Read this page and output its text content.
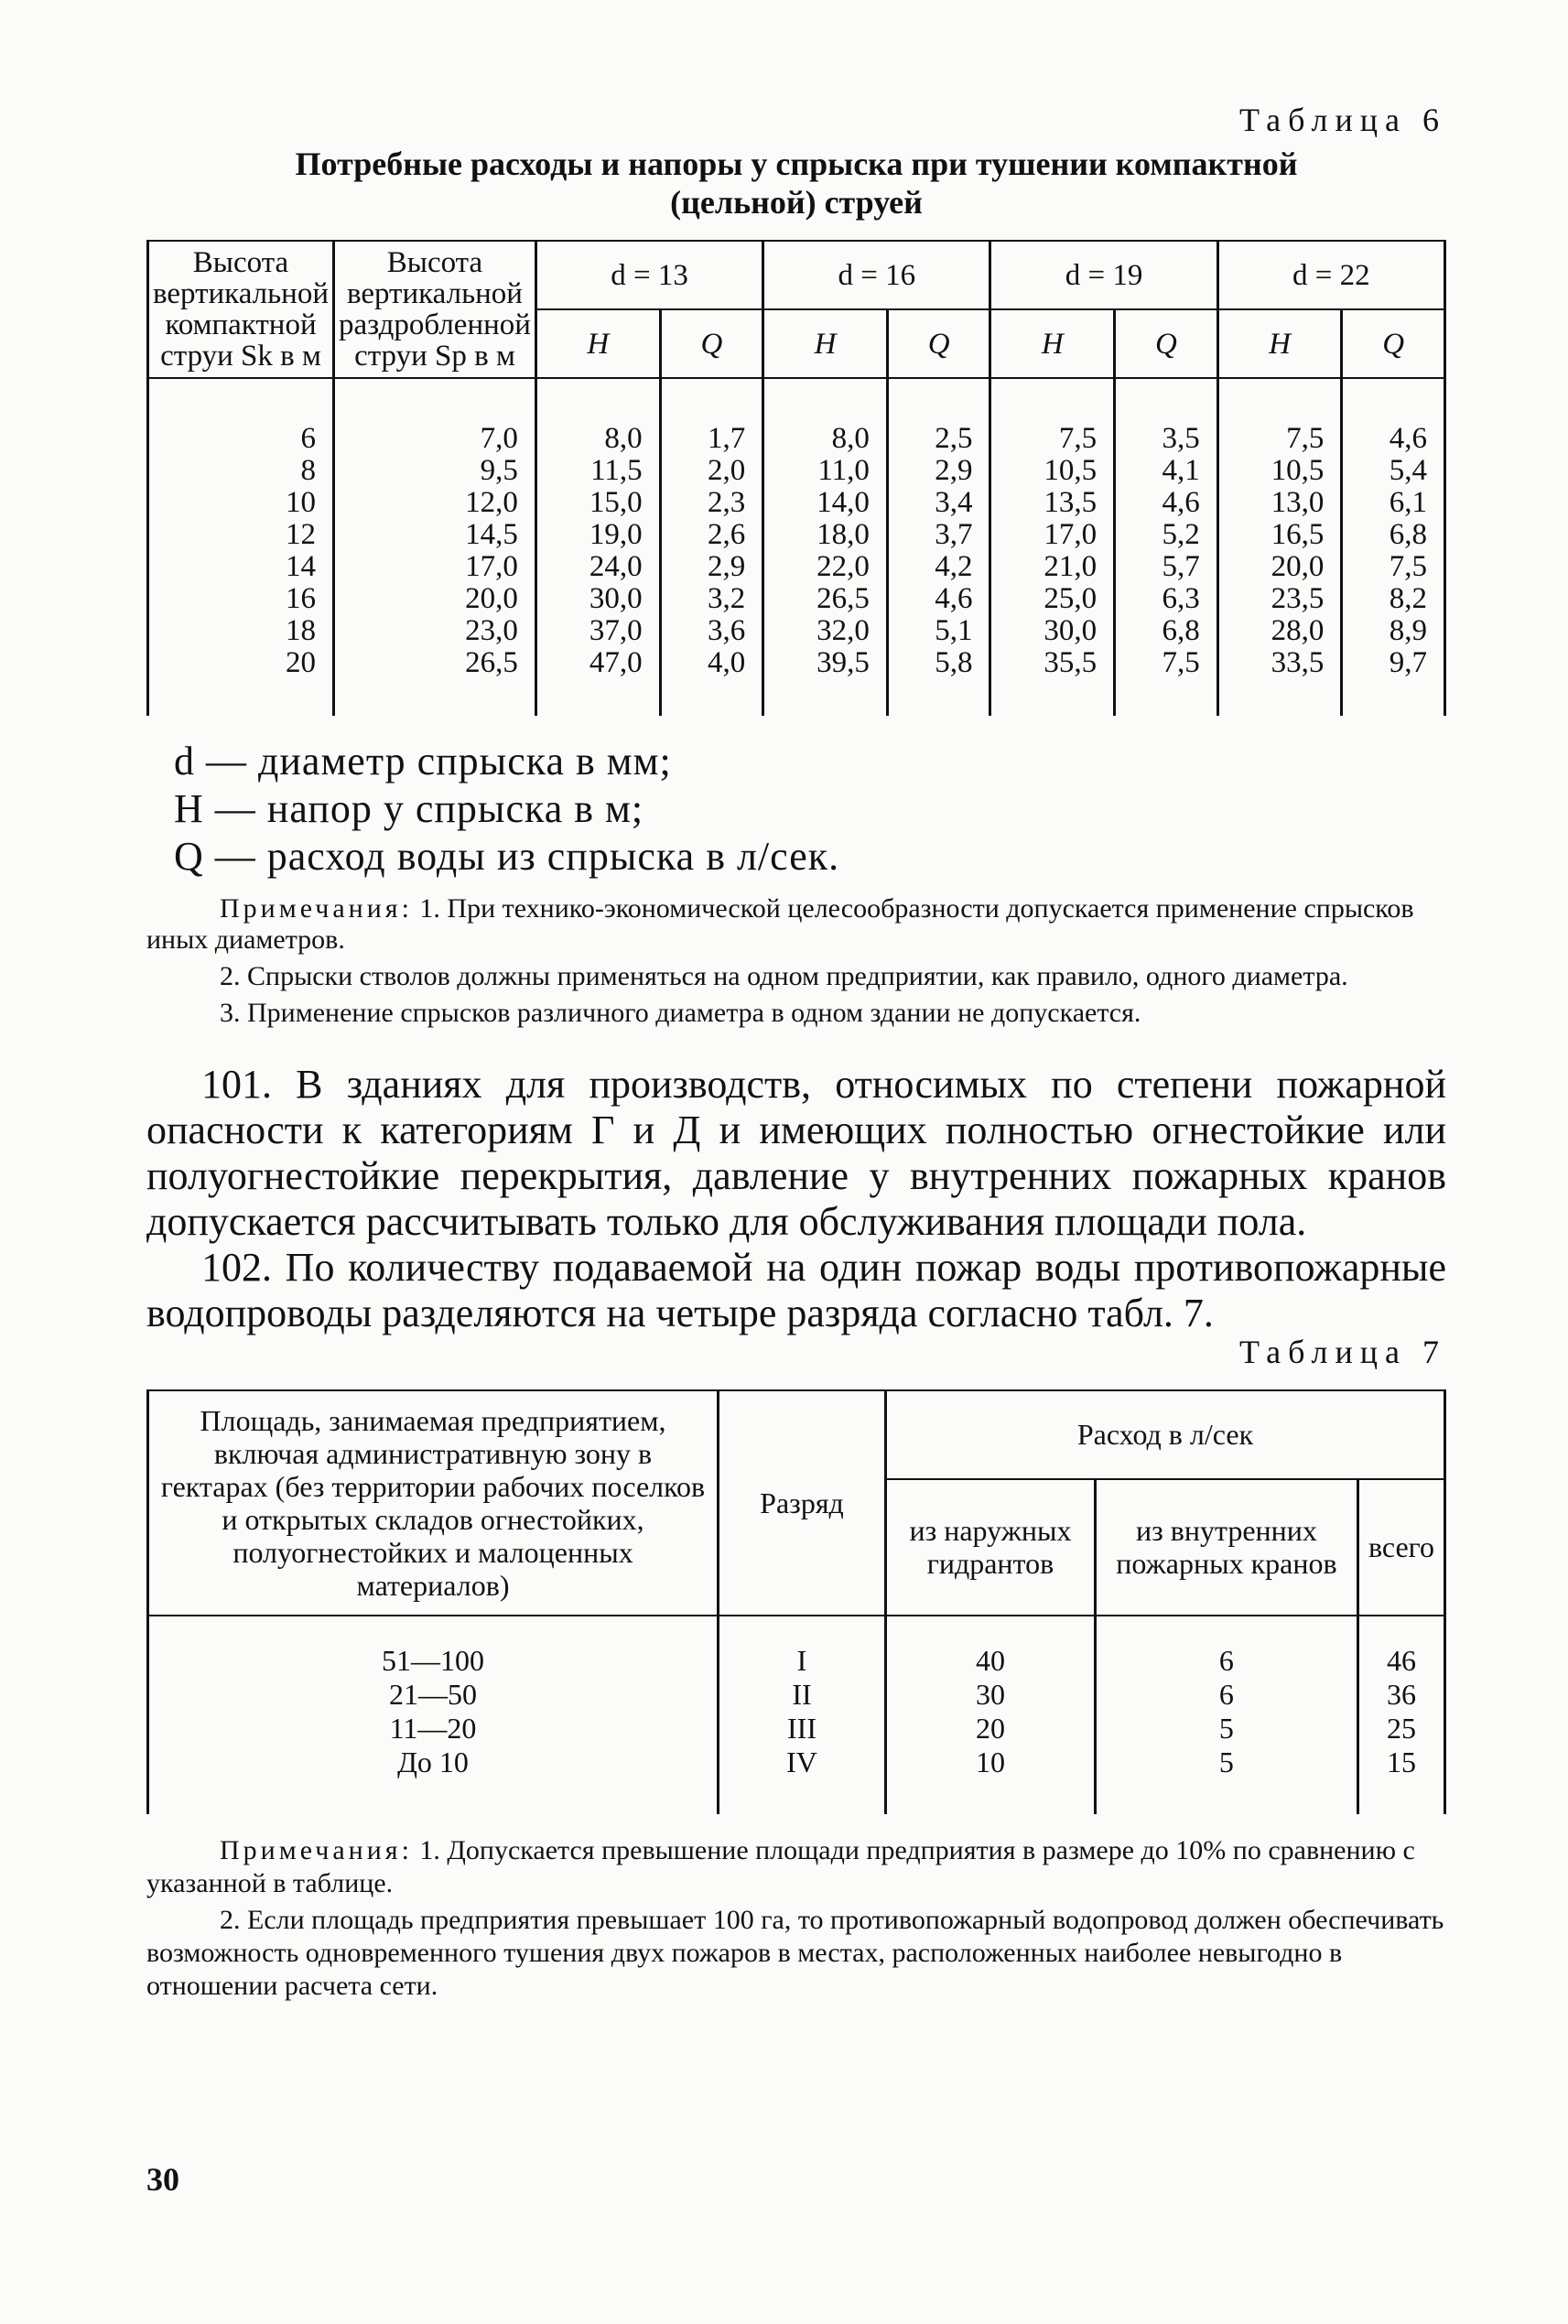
Таблица 6
Потребные расходы и напоры у спрыска при тушении компактной
(цельной) струей
Высота вертикальной компактной струи Sk в м	Высота вертикальной раздробленной струи Sp в м	d = 13		d = 16		d = 19		d = 22	
		H	Q	H	Q	H	Q	H	Q
6	7,0	8,0	1,7	8,0	2,5	7,5	3,5	7,5	4,6
8	9,5	11,5	2,0	11,0	2,9	10,5	4,1	10,5	5,4
10	12,0	15,0	2,3	14,0	3,4	13,5	4,6	13,0	6,1
12	14,5	19,0	2,6	18,0	3,7	17,0	5,2	16,5	6,8
14	17,0	24,0	2,9	22,0	4,2	21,0	5,7	20,0	7,5
16	20,0	30,0	3,2	26,5	4,6	25,0	6,3	23,5	8,2
18	23,0	37,0	3,6	32,0	5,1	30,0	6,8	28,0	8,9
20	26,5	47,0	4,0	39,5	5,8	35,5	7,5	33,5	9,7
d — диаметр спрыска в мм;
H — напор у спрыска в м;
Q — расход воды из спрыска в л/сек.

Примечания: 1. При технико-экономической целесообразности допускается применение спрысков иных диаметров.

2. Спрыски стволов должны применяться на одном предприятии, как правило, одного диаметра.

3. Применение спрысков различного диаметра в одном здании не допускается.

101. В зданиях для производств, относимых по степени пожарной опасности к категориям Г и Д и имеющих полностью огнестойкие или полуогнестойкие перекрытия, давление у внутренних пожарных кранов допускается рассчитывать только для обслуживания площади пола.

102. По количеству подаваемой на один пожар воды противопожарные водопроводы разделяются на четыре разряда согласно табл. 7.

Таблица 7
Площадь, занимаемая предприятием, включая административную зону в гектарах (без территории рабочих поселков и открытых складов огнестойких, полуогнестойких и малоценных материалов)	Разряд	Расход в л/сек		
		из наружных гидрантов	из внутренних пожарных кранов	всего
51—100	I	40	6	46
21—50	II	30	6	36
11—20	III	20	5	25
До 10	IV	10	5	15

Примечания: 1. Допускается превышение площади предприятия в размере до 10% по сравнению с указанной в таблице.

2. Если площадь предприятия превышает 100 га, то противопожарный водопровод должен обеспечивать возможность одновременного тушения двух пожаров в местах, расположенных наиболее невыгодно в отношении расчета сети.

30
